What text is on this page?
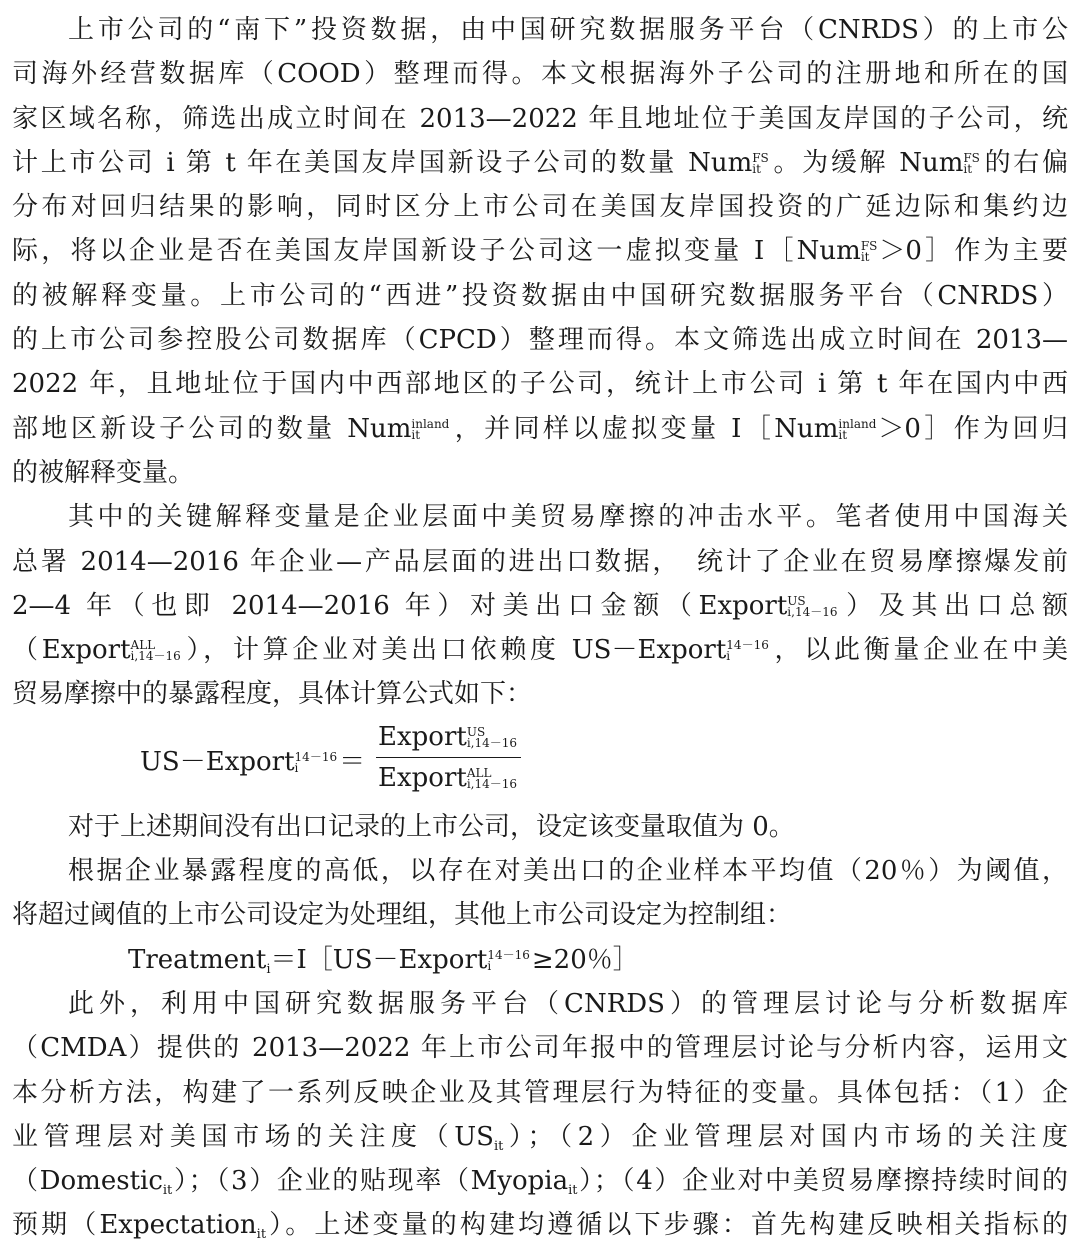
上市公司的“南下”投资数据，由中国研究数据服务平台（CNRDS）的上市公
司海外经营数据库（COOD）整理而得。本文根据海外子公司的注册地和所在的国
家区域名称，筛选出成立时间在 2013—2022 年且地址位于美国友岸国的子公司，统
计上市公司 i 第 t 年在美国友岸国新设子公司的数量 Num FS
it 。为缓解 Num FS
it 的右偏
分布对回归结果的影响，同时区分上市公司在美国友岸国投资的广延边际和集约边
际，将以企业是否在美国友岸国新设子公司这一虚拟变量 I［Num FS
it ＞0］作为主要
的被解释变量。上市公司的“西进”投资数据由中国研究数据服务平台（CNRDS）
的上市公司参控股公司数据库（CPCD）整理而得。本文筛选出成立时间在 2013—
2022 年，且地址位于国内中西部地区的子公司，统计上市公司 i 第 t 年在国内中西
部地区新设子公司的数量 Num inland
it	，并同样以虚拟变量 I［Num inland
it	＞0］作为回归
的被解释变量。
其中的关键解释变量是企业层面中美贸易摩擦的冲击水平。笔者使用中国海关
总署 2014—2016 年企业—产品层面的进出口数据，　统计了企业在贸易摩擦爆发前
2—4 年（也即 2014—2016 年）对美出口金额（Export US
i,14－16 ）及其出口总额
（Export ALL
i,14－16 ），计算企业对美出口依赖度 US－Export 14－16
i	，以此衡量企业在中美
贸易摩擦中的暴露程度，具体计算公式如下：
US－Export 14－16
i	＝
Export US
i,14－16
Export ALL
i,14－16
对于上述期间没有出口记录的上市公司，设定该变量取值为 0。
根据企业暴露程度的高低，以存在对美出口的企业样本平均值（20％）为阈值，
将超过阈值的上市公司设定为处理组，其他上市公司设定为控制组：
Treatment$_i$＝I［US－Export 14－16
i	≥20％］
此外，利用中国研究数据服务平台（CNRDS）的管理层讨论与分析数据库
（CMDA）提供的 2013—2022 年上市公司年报中的管理层讨论与分析内容，运用文
本分析方法，构建了一系列反映企业及其管理层行为特征的变量。具体包括：（1）企
业管理层对美国市场的关注度$(US_{it})$；（2）企业管理层对国内市场的关注度
（Domestic$_{it}$）；（3）企业的贴现率（Myopia$_{it}$）；（4）企业对中美贸易摩擦持续时间的
预期（Expectation$_{it}$）。上述变量的构建均遵循以下步骤：首先构建反映相关指标的
